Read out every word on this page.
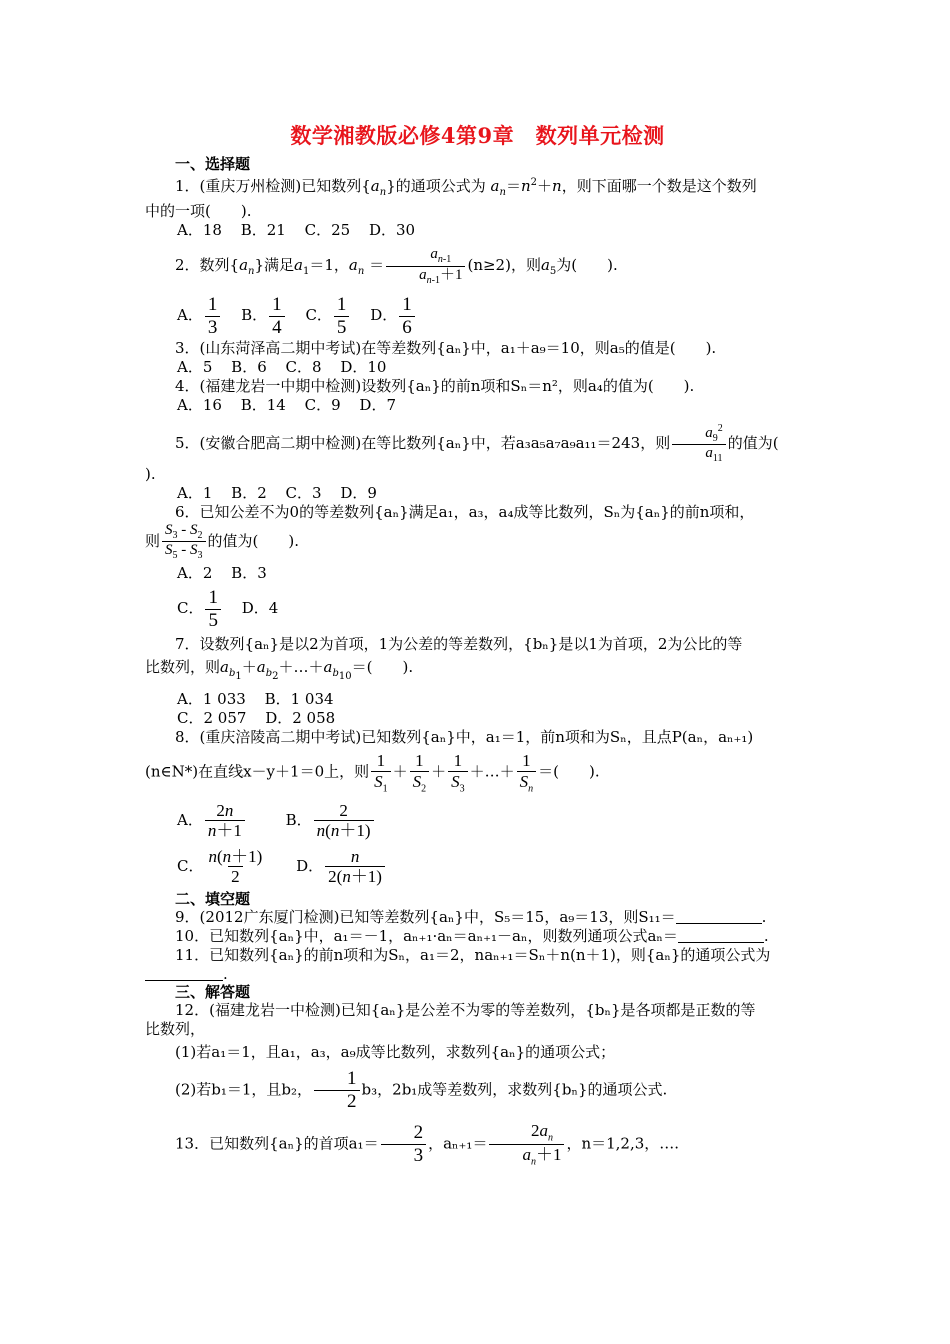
数学湘教版必修4第9章　数列单元检测
一、选择题

1．(重庆万州检测)已知数列$\{a_n\}$的通项公式为 $a_n=n^2+n$，则下面哪一个数是这个数列

中的一项(　　).

A．18 B．21 C．25 D．30

2．数列$\{a_n\}$满足$a_1=1$，$a_n = \frac{a_{n-1}}{a_{n-1}+1} (n\ge 2)$，则$a_5$为(　　).

A． $\frac{1}{3}$ B． $\frac{1}{4}$ C． $\frac{1}{5}$ D． $\frac{1}{6}$

3．(山东菏泽高二期中考试)在等差数列{aₙ}中，a₁＋a₉＝10，则a₅的值是(　　).

A．5 B．6 C．8 D．10

4．(福建龙岩一中期中检测)设数列{aₙ}的前n项和Sₙ＝n²，则a₄的值为(　　).

A．16 B．14 C．9 D．7

5．(安徽合肥高二期中检测)在等比数列{aₙ}中，若a₃a₅a₇a₉a₁₁＝243，则 $\frac{a_9^2}{a_{11}}$ 的值为(

).

A．1 B．2 C．3 D．9

6．已知公差不为0的等差数列{aₙ}满足a₁，a₃，a₄成等比数列，Sₙ为{aₙ}的前n项和，

则 $\frac{S_3 - S_2}{S_5 - S_3}$ 的值为(　　).

A．2 B．3
C． $\frac{1}{5}$ D．4

7．设数列{aₙ}是以2为首项，1为公差的等差数列，{bₙ}是以1为首项，2为公比的等

比数列，则$a_{b_1}+a_{b_2}+\dots+a_{b_{10}}=$(　　).

A．1 033 B．1 034
C．2 057 D．2 058

8．(重庆涪陵高二期中考试)已知数列{aₙ}中，a₁＝1，前n项和为Sₙ，且点P(aₙ，aₙ₊₁)

(n∈N*)在直线x－y＋1＝0上，则 $\frac{1}{S_1} + \frac{1}{S_2} + \frac{1}{S_3}$ ＋…＋ $\frac{1}{S_n}$ ＝(　　).

A． $\frac{2n}{n+1}$	B． $\frac{2}{n(n+1)}$
C． $\frac{n(n+1)}{2}$ D． $\frac{n}{2(n+1)}$
二、填空题

9．(2012广东厦门检测)已知等差数列{aₙ}中，S₅＝15，a₉＝13，则S₁₁＝	.

10．已知数列{aₙ}中，a₁＝－1，aₙ₊₁·aₙ＝aₙ₊₁－aₙ，则数列通项公式aₙ＝	.

11．已知数列{aₙ}的前n项和为Sₙ，a₁＝2，naₙ₊₁＝Sₙ＋n(n＋1)，则{aₙ}的通项公式为

.

三、解答题

12．(福建龙岩一中检测)已知{aₙ}是公差不为零的等差数列，{bₙ}是各项都是正数的等

比数列，

(1)若a₁＝1，且a₁，a₃，a₉成等比数列，求数列{aₙ}的通项公式；

(2)若b₁＝1，且b₂， $\frac{1}{2} b_3$，2b₁成等差数列，求数列{bₙ}的通项公式.

13．已知数列{aₙ}的首项$a_1= \frac{2}{3}$ ，$a_{n+1}= \frac{2a_n}{a_n+1}$ ，n＝1,2,3，….
